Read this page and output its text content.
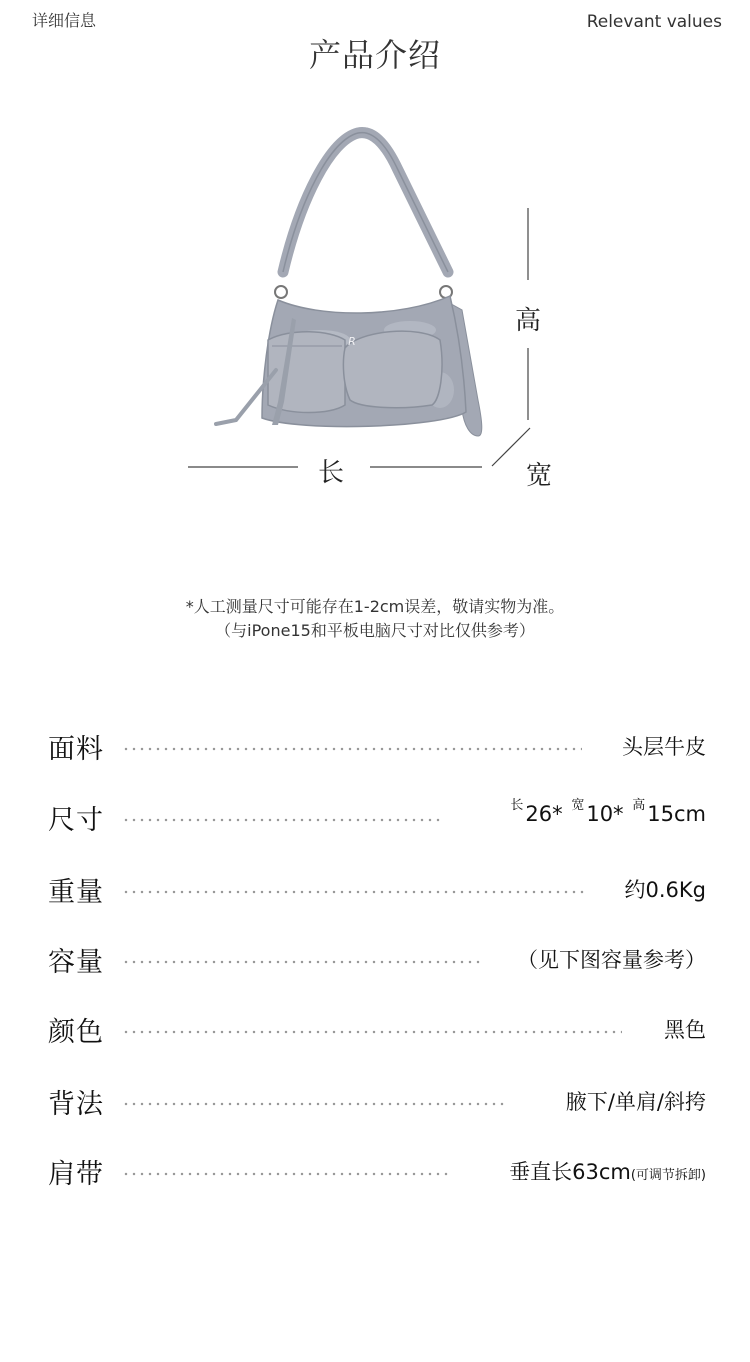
详细信息	Relevant values
产品介绍
R
高
长	宽
*人工测量尺寸可能存在1-2cm误差，敬请实物为准。
（与iPone15和平板电脑尺寸对比仅供参考）
面料	头层牛皮
尺寸	$^长$26* $^宽$10* $^高$15cm
重量	约0.6Kg
容量	（见下图容量参考）
颜色	黑色
背法	腋下/单肩/斜挎
肩带	垂直长63cm(可调节拆卸)
